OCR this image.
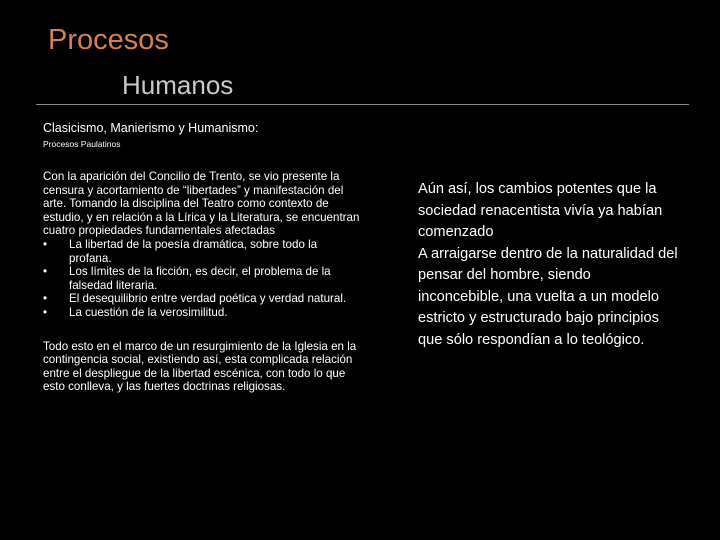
Procesos
Humanos
Clasicismo, Manierismo y Humanismo:
Procesos Paulatinos

Con la aparición del Concilio de Trento, se vio presente la censura y acortamiento de “libertades” y manifestación del arte. Tomando la disciplina del Teatro como contexto de estudio, y en relación a la Lírica y la Literatura, se encuentran cuatro propiedades fundamentales afectadas

• La libertad de la poesía dramática, sobre todo la profana.
• Los límites de la ficción, es decir, el problema de la falsedad literaria.
• El desequilibrio entre verdad poética y verdad natural.
• La cuestión de la verosimilitud.

Todo esto en el marco de un resurgimiento de la Iglesia en la contingencia social, existiendo así, esta complicada relación entre el despliegue de la libertad escénica, con todo lo que esto conlleva, y las fuertes doctrinas religiosas.

Aún así, los cambios potentes que la sociedad renacentista vivía ya habían comenzado

A arraigarse dentro de la naturalidad del pensar del hombre, siendo inconcebible, una vuelta a un modelo estricto y estructurado bajo principios que sólo respondían a lo teológico.
